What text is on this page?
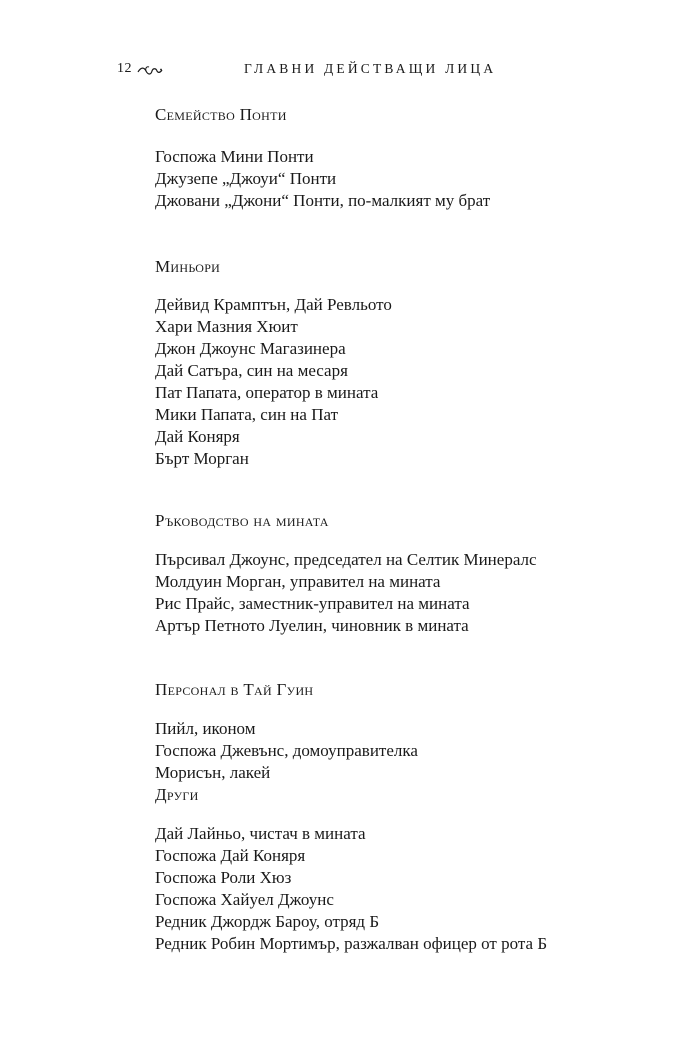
12	ГЛАВНИ ДЕЙСТВАЩИ ЛИЦА
Семейство Понти
Госпожа Мини Понти
Джузепе „Джоуи“ Понти
Джовани „Джони“ Понти, по-малкият му брат
Миньори
Дейвид Крамптън, Дай Ревльото
Хари Мазния Хюит
Джон Джоунс Магазинера
Дай Сатъра, син на месаря
Пат Папата, оператор в мината
Мики Папата, син на Пат
Дай Коняря
Бърт Морган
Ръководство на мината
Пърсивал Джоунс, председател на Селтик Минералс
Молдуин Морган, управител на мината
Рис Прайс, заместник-управител на мината
Артър Петното Луелин, чиновник в мината
Персонал в Тай Гуин
Пийл, иконом
Госпожа Джевънс, домоуправителка
Морисън, лакей
Други
Дай Лайньо, чистач в мината
Госпожа Дай Коняря
Госпожа Роли Хюз
Госпожа Хайуел Джоунс
Редник Джордж Бароу, отряд Б
Редник Робин Мортимър, разжалван офицер от рота Б
